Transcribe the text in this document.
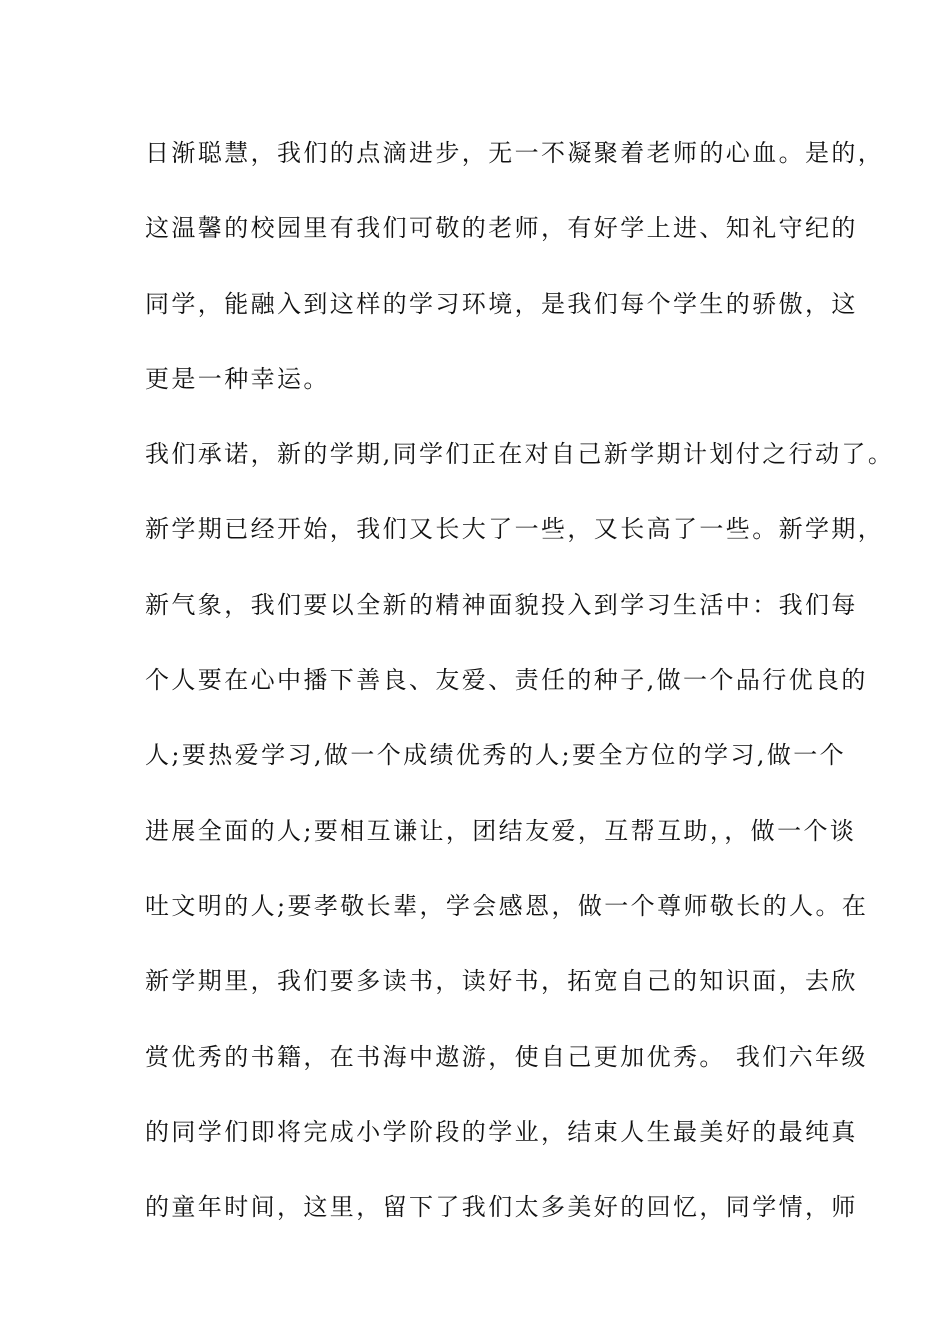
日渐聪慧，我们的点滴进步，无一不凝聚着老师的心血。是的，
这温馨的校园里有我们可敬的老师，有好学上进、知礼守纪的
同学，能融入到这样的学习环境，是我们每个学生的骄傲，这
更是一种幸运。
我们承诺，新的学期,同学们正在对自己新学期计划付之行动了。
新学期已经开始，我们又长大了一些，又长高了一些。新学期，
新气象，我们要以全新的精神面貌投入到学习生活中：我们每
个人要在心中播下善良、友爱、责任的种子,做一个品行优良的
人;要热爱学习,做一个成绩优秀的人;要全方位的学习,做一个
进展全面的人;要相互谦让，团结友爱，互帮互助，，做一个谈
吐文明的人;要孝敬长辈，学会感恩，做一个尊师敬长的人。在
新学期里，我们要多读书，读好书，拓宽自己的知识面，去欣
赏优秀的书籍，在书海中遨游，使自己更加优秀。 我们六年级
的同学们即将完成小学阶段的学业，结束人生最美好的最纯真
的童年时间，这里，留下了我们太多美好的回忆，同学情，师
